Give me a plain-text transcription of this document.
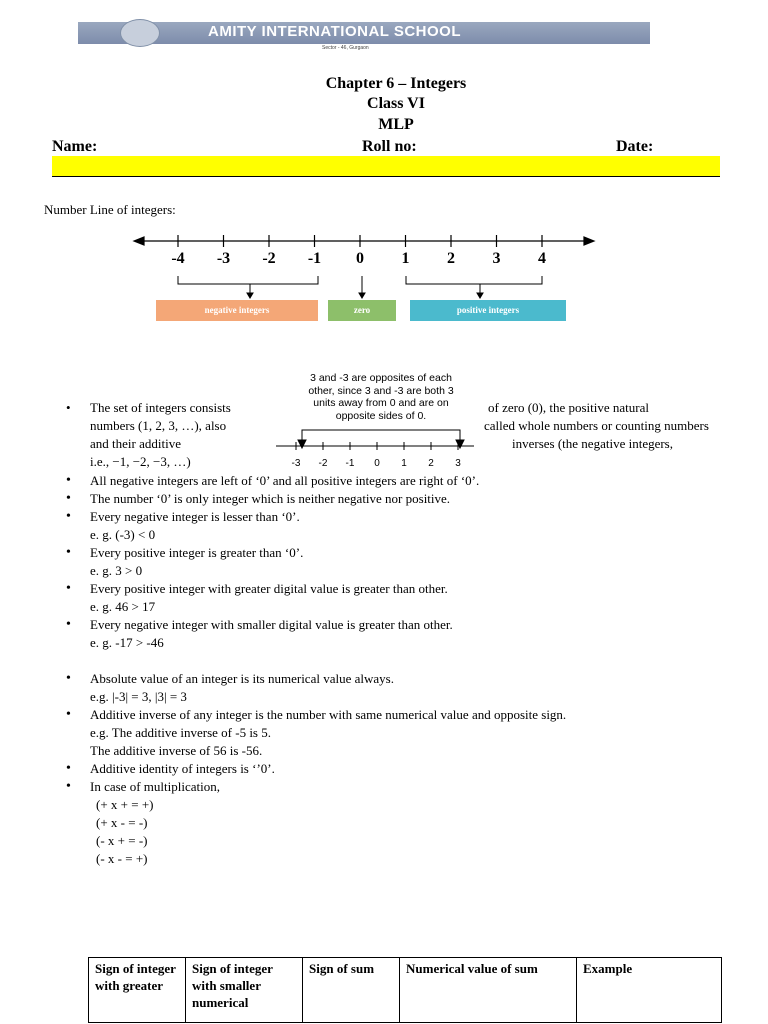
AMITY INTERNATIONAL SCHOOL
Sector - 46, Gurgaon
Chapter 6 – Integers
Class VI
MLP
Name:	Roll no:	Date:
Number Line of integers:
-4 -3 -2 -1 0 1 2 3 4
negative integers	zero	positive integers
3 and -3 are opposites of each
other, since 3 and -3 are both 3
units away from 0 and are on
opposite sides of 0.
-3 -2 -1 0 1 2 3
• The set of integers consists	of zero (0), the positive natural
numbers (1, 2, 3, …), also	called whole numbers or counting numbers
and their additive	inverses (the negative integers,
i.e., −1, −2, −3, …)
• All negative integers are left of ‘0’ and all positive integers are right of ‘0’.
• The number ‘0’ is only integer which is neither negative nor positive.
• Every negative integer is lesser than ‘0’.
e. g. (-3) < 0
• Every positive integer is greater than ‘0’.
e. g. 3 > 0
• Every positive integer with greater digital value is greater than other.
e. g. 46 > 17
• Every negative integer with smaller digital value is greater than other.
e. g. -17 > -46
• Absolute value of an integer is its numerical value always.
e.g. |-3| = 3, |3| = 3
• Additive inverse of any integer is the number with same numerical value and opposite sign.
e.g. The additive inverse of -5 is 5.
The additive inverse of 56 is -56.
• Additive identity of integers is ‘’0’.
• In case of multiplication,
(+ x + = +)
(+ x - = -)
(- x + = -)
(- x - = +)
Sign of integer with greater	Sign of integer with smaller numerical	Sign of sum	Numerical value of sum	Example
